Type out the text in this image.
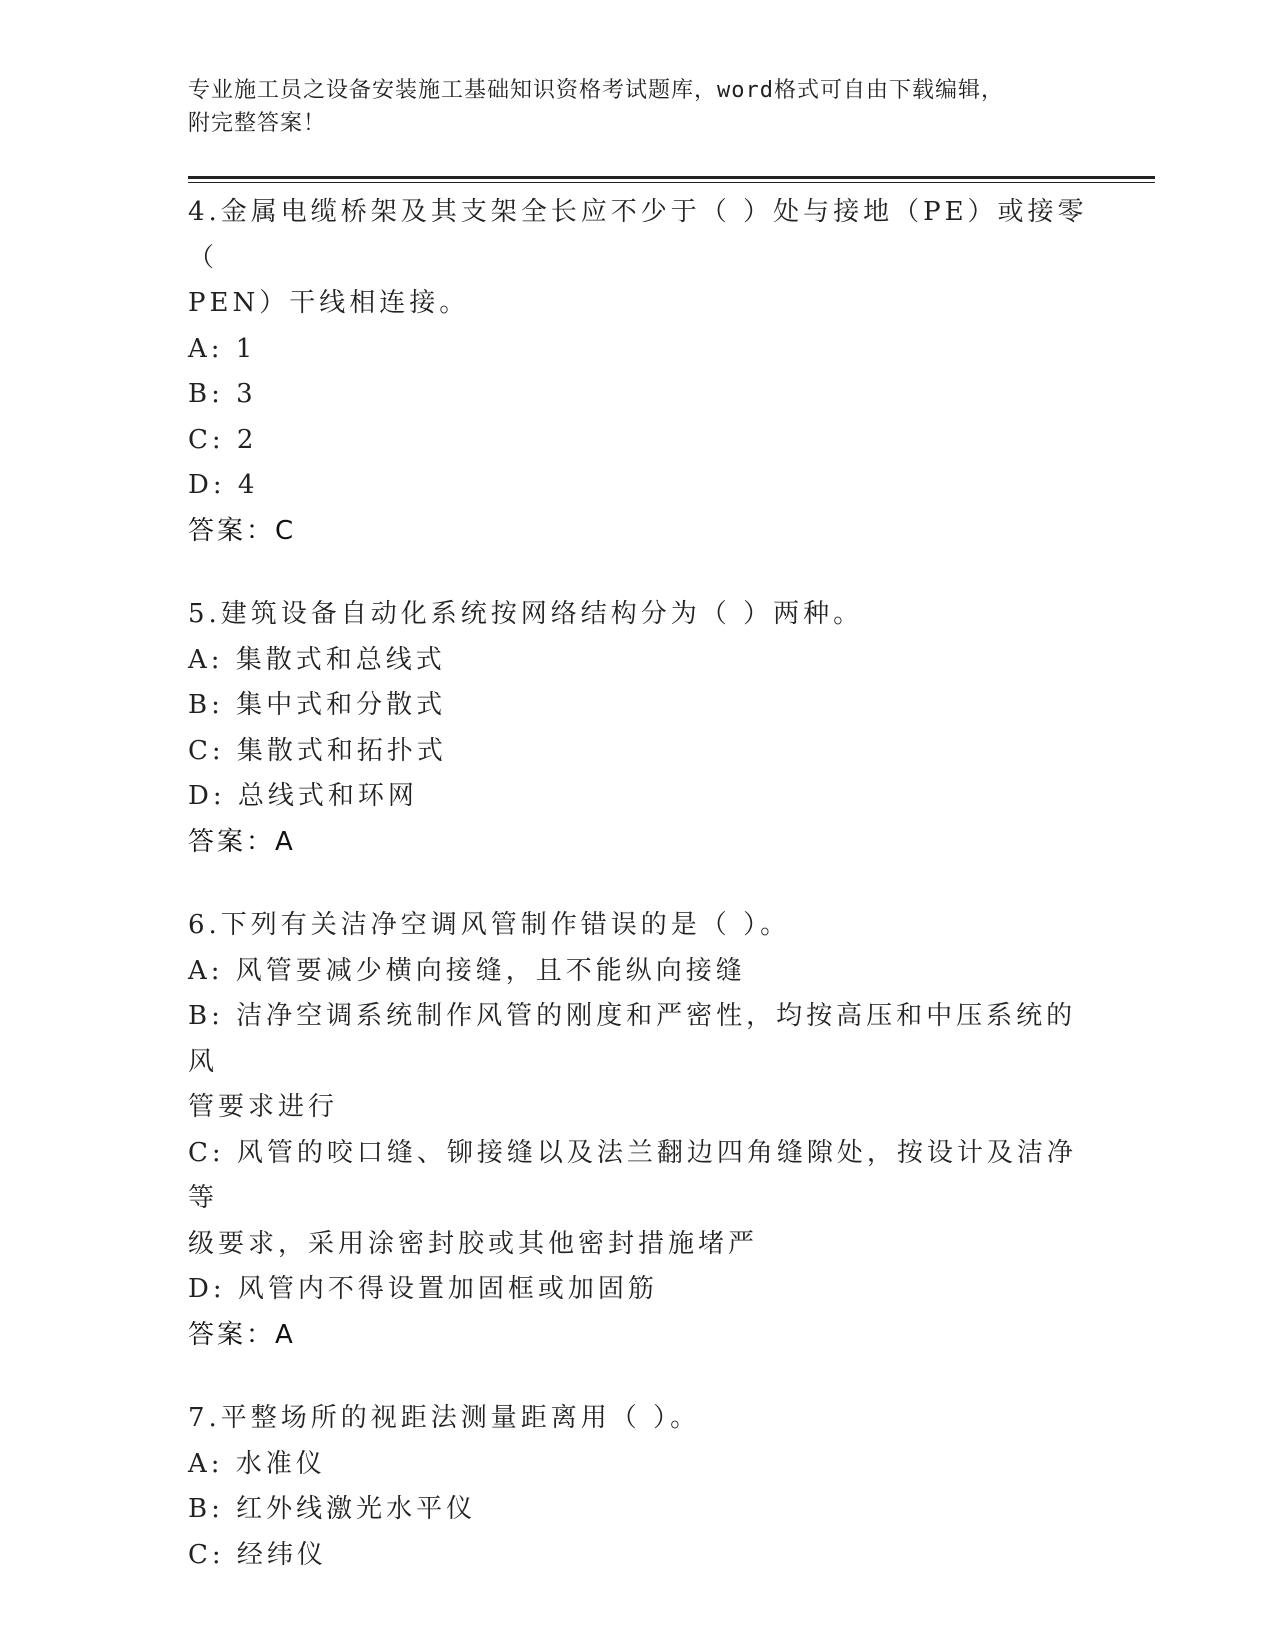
专业施工员之设备安装施工基础知识资格考试题库，word格式可自由下载编辑，
附完整答案！
4.金属电缆桥架及其支架全长应不少于（ ）处与接地（PE）或接零（
PEN）干线相连接。
A: 1
B: 3
C: 2
D: 4
答案：C
5.建筑设备自动化系统按网络结构分为（ ）两种。
A: 集散式和总线式
B: 集中式和分散式
C: 集散式和拓扑式
D: 总线式和环网
答案：A
6.下列有关洁净空调风管制作错误的是（ ）。
A: 风管要减少横向接缝，且不能纵向接缝
B: 洁净空调系统制作风管的刚度和严密性，均按高压和中压系统的风
管要求进行
C: 风管的咬口缝、铆接缝以及法兰翻边四角缝隙处，按设计及洁净等
级要求，采用涂密封胶或其他密封措施堵严
D: 风管内不得设置加固框或加固筋
答案：A
7.平整场所的视距法测量距离用（ ）。
A: 水准仪
B: 红外线激光水平仪
C: 经纬仪
